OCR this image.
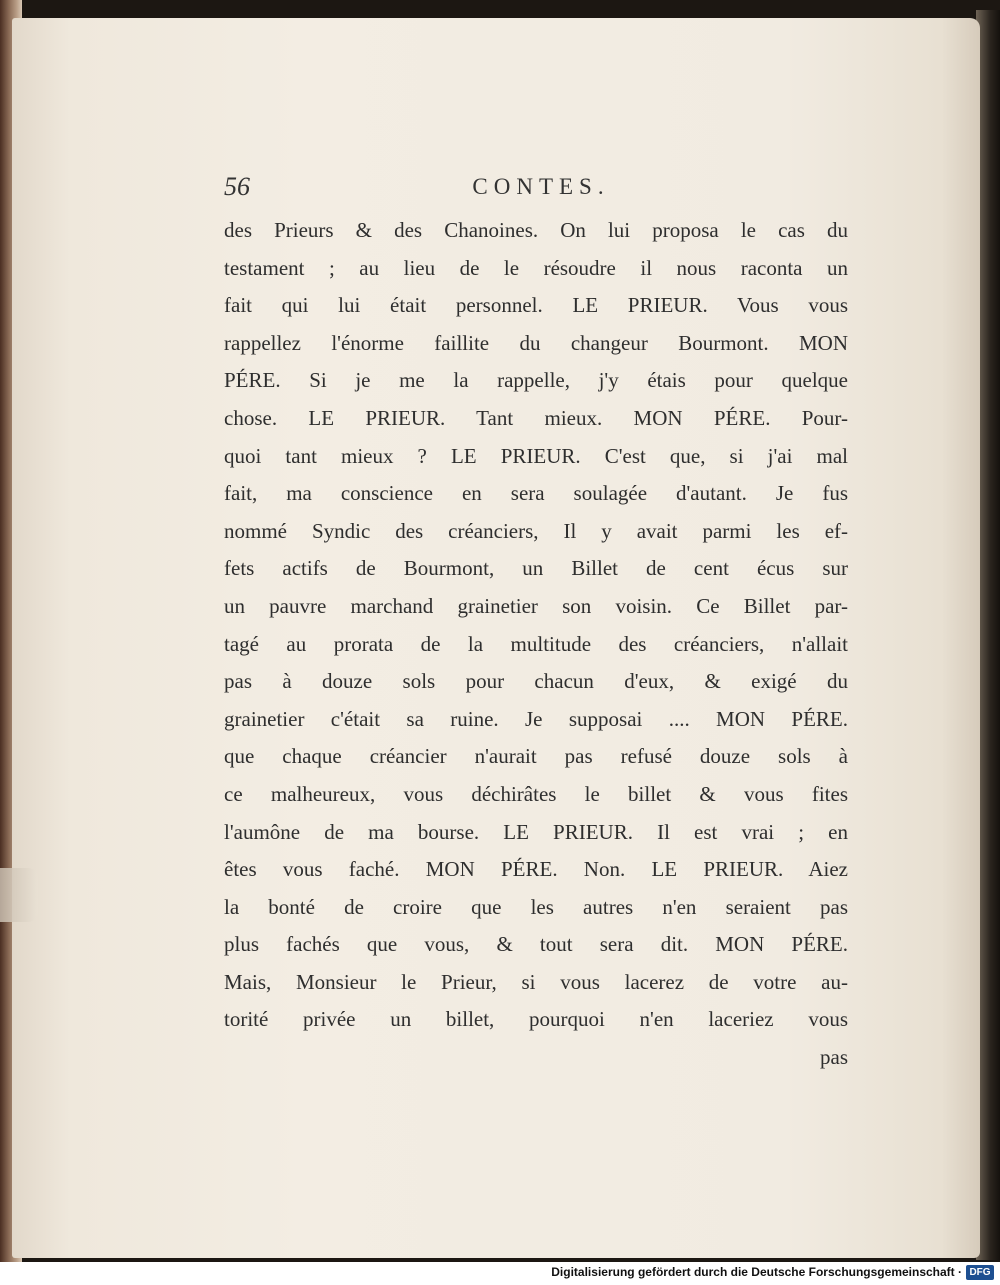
56	CONTES.
des Prieurs & des Chanoines. On lui proposa le cas du
testament ; au lieu de le résoudre il nous raconta un
fait qui lui était personnel. LE PRIEUR. Vous vous
rappellez l'énorme faillite du changeur Bourmont. MON
PÉRE. Si je me la rappelle, j'y étais pour quelque
chose. LE PRIEUR. Tant mieux. MON PÉRE. Pour-
quoi tant mieux ? LE PRIEUR. C'est que, si j'ai mal
fait, ma conscience en sera soulagée d'autant. Je fus
nommé Syndic des créanciers, Il y avait parmi les ef-
fets actifs de Bourmont, un Billet de cent écus sur
un pauvre marchand grainetier son voisin. Ce Billet par-
tagé au prorata de la multitude des créanciers, n'allait
pas à douze sols pour chacun d'eux, & exigé du
grainetier c'était sa ruine. Je supposai .... MON PÉRE.
que chaque créancier n'aurait pas refusé douze sols à
ce malheureux, vous déchirâtes le billet & vous fites
l'aumône de ma bourse. LE PRIEUR. Il est vrai ; en
êtes vous faché. MON PÉRE. Non. LE PRIEUR. Aiez
la bonté de croire que les autres n'en seraient pas
plus fachés que vous, & tout sera dit. MON PÉRE.
Mais, Monsieur le Prieur, si vous lacerez de votre au-
torité privée un billet, pourquoi n'en laceriez vous
pas
Digitalisierung gefördert durch die Deutsche Forschungsgemeinschaft · DFG
